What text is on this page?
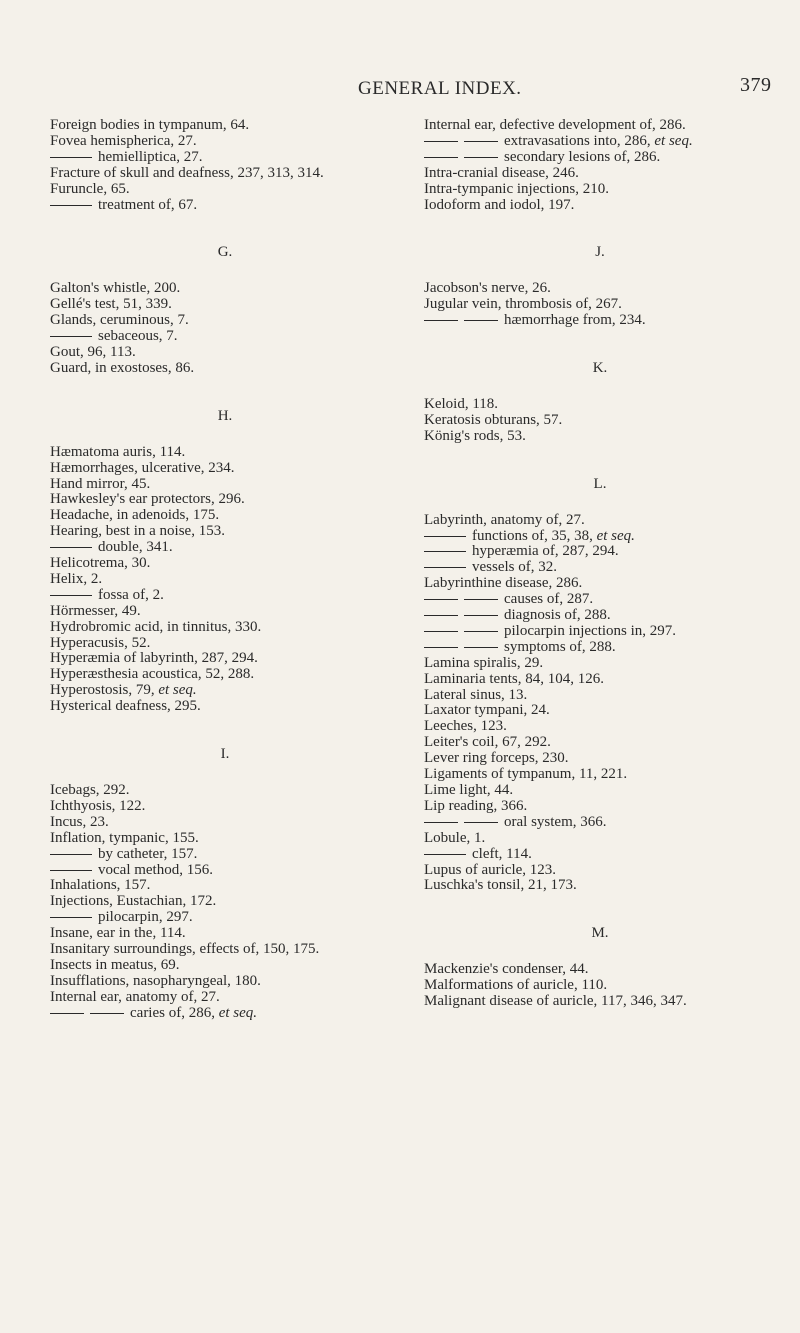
GENERAL INDEX.	379
Foreign bodies in tympanum, 64.
Fovea hemispherica, 27.
hemielliptica, 27.
Fracture of skull and deafness, 237, 313, 314.
Furuncle, 65.
treatment of, 67.
G.
Galton's whistle, 200.
Gellé's test, 51, 339.
Glands, ceruminous, 7.
sebaceous, 7.
Gout, 96, 113.
Guard, in exostoses, 86.
H.
Hæmatoma auris, 114.
Hæmorrhages, ulcerative, 234.
Hand mirror, 45.
Hawkesley's ear protectors, 296.
Headache, in adenoids, 175.
Hearing, best in a noise, 153.
double, 341.
Helicotrema, 30.
Helix, 2.
fossa of, 2.
Hörmesser, 49.
Hydrobromic acid, in tinnitus, 330.
Hyperacusis, 52.
Hyperæmia of labyrinth, 287, 294.
Hyperæsthesia acoustica, 52, 288.
Hyperostosis, 79, et seq.
Hysterical deafness, 295.
I.
Icebags, 292.
Ichthyosis, 122.
Incus, 23.
Inflation, tympanic, 155.
by catheter, 157.
vocal method, 156.
Inhalations, 157.
Injections, Eustachian, 172.
pilocarpin, 297.
Insane, ear in the, 114.
Insanitary surroundings, effects of, 150, 175.
Insects in meatus, 69.
Insufflations, nasopharyngeal, 180.
Internal ear, anatomy of, 27.
caries of, 286, et seq.
Internal ear, defective development of, 286.
extravasations into, 286, et seq.
secondary lesions of, 286.
Intra-cranial disease, 246.
Intra-tympanic injections, 210.
Iodoform and iodol, 197.
J.
Jacobson's nerve, 26.
Jugular vein, thrombosis of, 267.
hæmorrhage from, 234.
K.
Keloid, 118.
Keratosis obturans, 57.
König's rods, 53.
L.
Labyrinth, anatomy of, 27.
functions of, 35, 38, et seq.
hyperæmia of, 287, 294.
vessels of, 32.
Labyrinthine disease, 286.
causes of, 287.
diagnosis of, 288.
pilocarpin injections in, 297.
symptoms of, 288.
Lamina spiralis, 29.
Laminaria tents, 84, 104, 126.
Lateral sinus, 13.
Laxator tympani, 24.
Leeches, 123.
Leiter's coil, 67, 292.
Lever ring forceps, 230.
Ligaments of tympanum, 11, 221.
Lime light, 44.
Lip reading, 366.
oral system, 366.
Lobule, 1.
cleft, 114.
Lupus of auricle, 123.
Luschka's tonsil, 21, 173.
M.
Mackenzie's condenser, 44.
Malformations of auricle, 110.
Malignant disease of auricle, 117, 346, 347.
